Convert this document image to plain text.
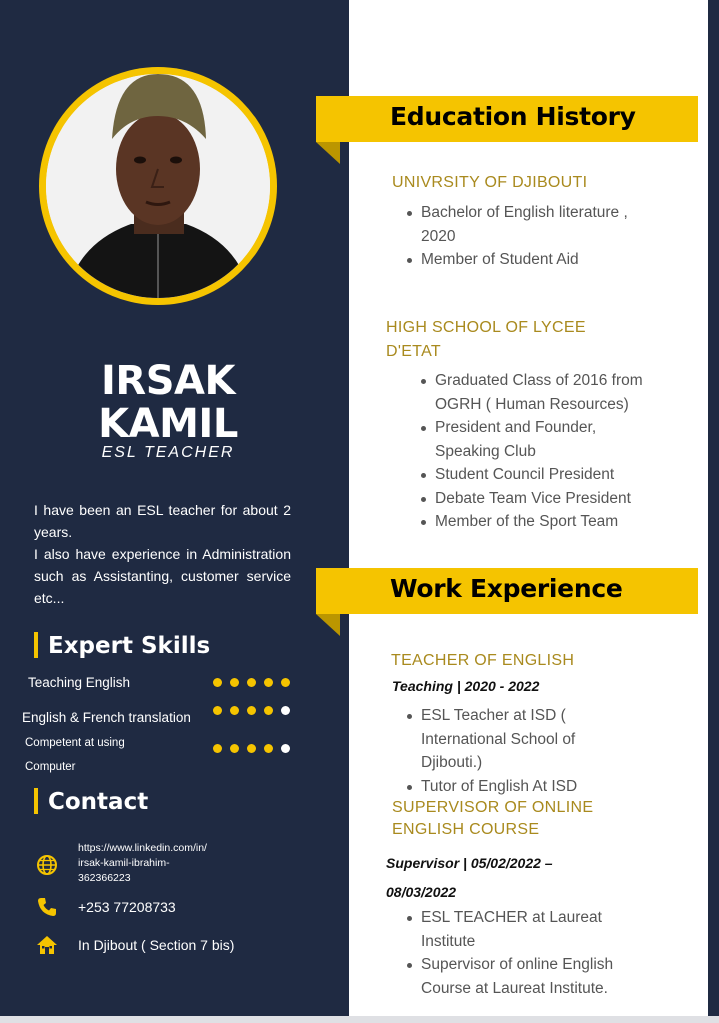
IRSAK
KAMIL
ESL TEACHER

I have been an ESL teacher for about 2 years.

I also have experience in Administration such as Assistanting, customer service etc...

Expert Skills
Teaching English
English & French translation
Competent at using
Computer
Contact
https://www.linkedin.com/in/
irsak-kamil-ibrahim-
362366223
+253 77208733
In Djibout ( Section 7 bis)
Education History
UNIVRSITY OF DJIBOUTI
Bachelor of English literature , 2020
Member of Student Aid
HIGH SCHOOL OF LYCEE
D'ETAT
Graduated Class of 2016 from OGRH ( Human Resources)
President and Founder, Speaking Club
Student Council President
Debate Team Vice President
Member of the Sport Team
Work Experience
TEACHER OF ENGLISH
Teaching | 2020 - 2022
ESL Teacher at ISD ( International School of Djibouti.)
Tutor of English At ISD
SUPERVISOR OF ONLINE
ENGLISH COURSE
Supervisor | 05/02/2022 –
08/03/2022
ESL TEACHER at Laureat Institute
Supervisor of online English Course at Laureat Institute.
